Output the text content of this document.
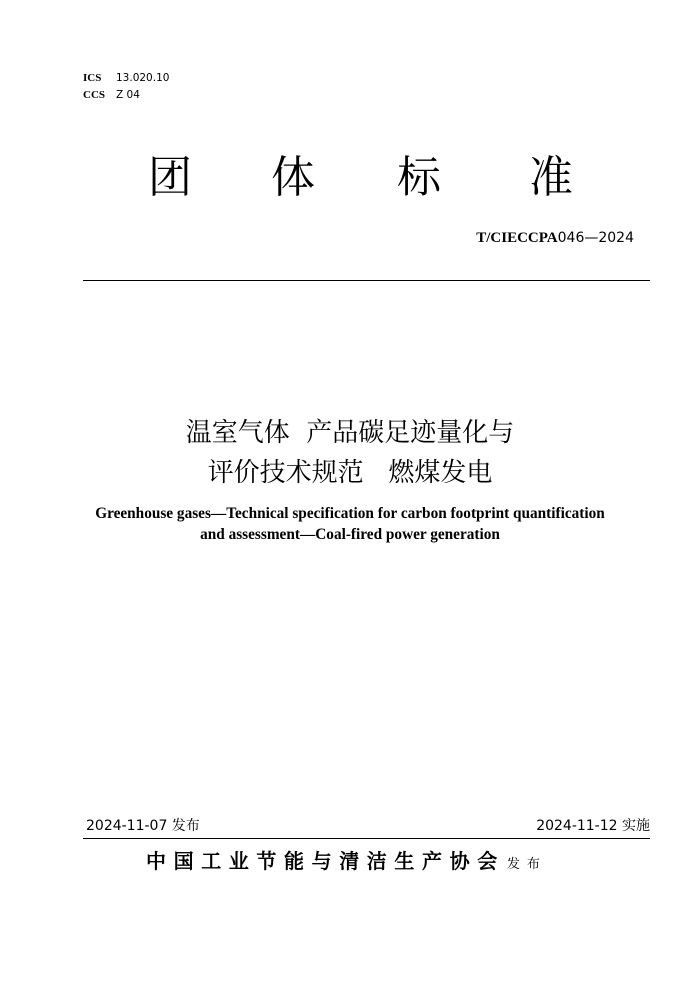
ICS 13.020.10
CCS Z 04
团 体 标 准
T/CIECCPA046—2024
温室气体  产品碳足迹量化与
评价技术规范   燃煤发电
Greenhouse gases—Technical specification for carbon footprint quantification
and assessment—Coal-fired power generation
2024-11-07 发布	2024-11-12 实施
中国工业节能与清洁生产协会 发布
